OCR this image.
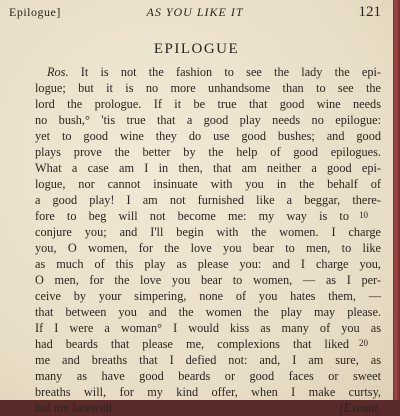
Epilogue]	AS YOU LIKE IT	121
EPILOGUE
Ros. It is not the fashion to see the lady the epi-
logue; but it is no more unhandsome than to see the
lord the prologue. If it be true that good wine needs
no bush,° 'tis true that a good play needs no epilogue:
yet to good wine they do use good bushes; and good
plays prove the better by the help of good epilogues.
What a case am I in then, that am neither a good epi-
logue, nor cannot insinuate with you in the behalf of
a good play! I am not furnished like a beggar, there-
fore to beg will not become me: my way is to
conjure you; and I'll begin with the women. I charge
you, O women, for the love you bear to men, to like
as much of this play as please you: and I charge you,
O men, for the love you bear to women, — as I per-
ceive by your simpering, none of you hates them, —
that between you and the women the play may please.
If I were a woman° I would kiss as many of you as
had beards that please me, complexions that liked
me and breaths that I defied not: and, I am sure, as
many as have good beards or good faces or sweet
breaths will, for my kind offer, when I make curtsy,
bid me farewell.	[Exeunt.
10
20
